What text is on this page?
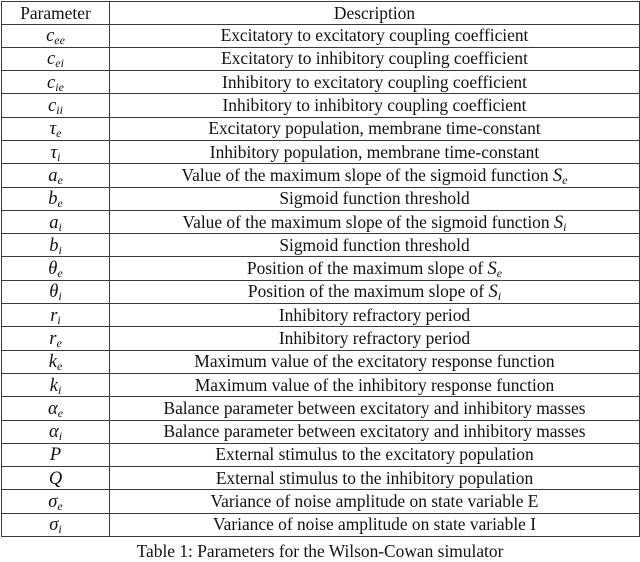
Parameter	Description
$c_{ee}$	Excitatory to excitatory coupling coefficient
$c_{ei}$	Excitatory to inhibitory coupling coefficient
$c_{ie}$	Inhibitory to excitatory coupling coefficient
$c_{ii}$	Inhibitory to inhibitory coupling coefficient
$\tau_e$	Excitatory population, membrane time-constant
$\tau_i$	Inhibitory population, membrane time-constant
$a_e$	Value of the maximum slope of the sigmoid function $S_e$
$b_e$	Sigmoid function threshold
$a_i$	Value of the maximum slope of the sigmoid function $S_i$
$b_i$	Sigmoid function threshold
$\theta_e$	Position of the maximum slope of $S_e$
$\theta_i$	Position of the maximum slope of $S_i$
$r_i$	Inhibitory refractory period
$r_e$	Inhibitory refractory period
$k_e$	Maximum value of the excitatory response function
$k_i$	Maximum value of the inhibitory response function
$\alpha_e$	Balance parameter between excitatory and inhibitory masses
$\alpha_i$	Balance parameter between excitatory and inhibitory masses
P	External stimulus to the excitatory population
Q	External stimulus to the inhibitory population
$\sigma_e$	Variance of noise amplitude on state variable E
$\sigma_i$	Variance of noise amplitude on state variable I
Table 1: Parameters for the Wilson-Cowan simulator
